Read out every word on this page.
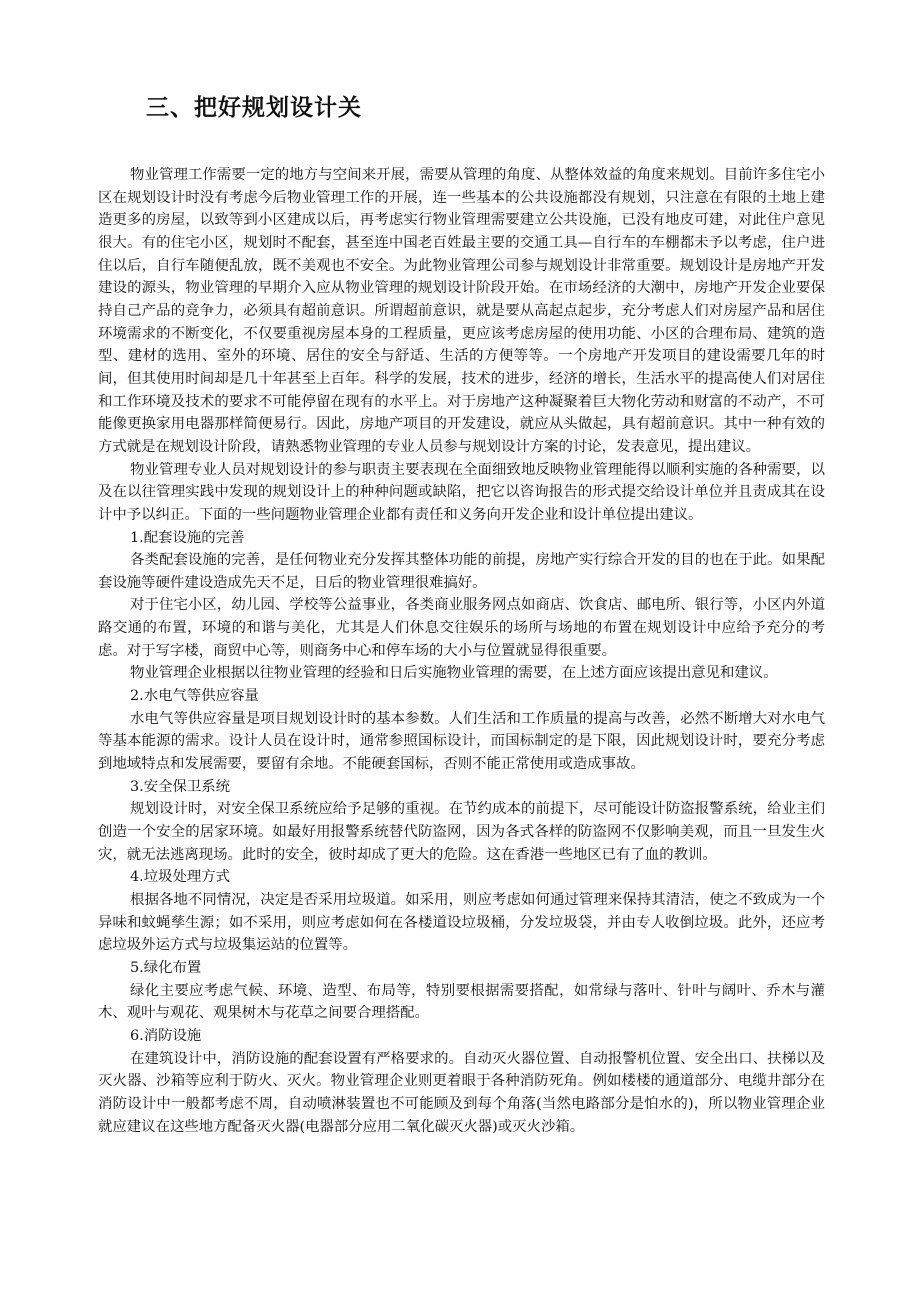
三、把好规划设计关

物业管理工作需要一定的地方与空间来开展，需要从管理的角度、从整体效益的角度来规划。目前许多住宅小区在规划设计时没有考虑今后物业管理工作的开展，连一些基本的公共设施都没有规划，只注意在有限的土地上建造更多的房屋，以致等到小区建成以后，再考虑实行物业管理需要建立公共设施，已没有地皮可建，对此住户意见很大。有的住宅小区，规划时不配套，甚至连中国老百姓最主要的交通工具—自行车的车棚都未予以考虑，住户进住以后，自行车随便乱放，既不美观也不安全。为此物业管理公司参与规划设计非常重要。规划设计是房地产开发建设的源头，物业管理的早期介入应从物业管理的规划设计阶段开始。在市场经济的大潮中，房地产开发企业要保持自己产品的竞争力，必须具有超前意识。所谓超前意识，就是要从高起点起步，充分考虑人们对房屋产品和居住环境需求的不断变化，不仅要重视房屋本身的工程质量，更应该考虑房屋的使用功能、小区的合理布局、建筑的造型、建材的选用、室外的环境、居住的安全与舒适、生活的方便等等。一个房地产开发项目的建设需要几年的时间，但其使用时间却是几十年甚至上百年。科学的发展，技术的进步，经济的增长，生活水平的提高使人们对居住和工作环境及技术的要求不可能停留在现有的水平上。对于房地产这种凝聚着巨大物化劳动和财富的不动产，不可能像更换家用电器那样简便易行。因此，房地产项目的开发建设，就应从头做起，具有超前意识。其中一种有效的方式就是在规划设计阶段，请熟悉物业管理的专业人员参与规划设计方案的讨论，发表意见，提出建议。

物业管理专业人员对规划设计的参与职责主要表现在全面细致地反映物业管理能得以顺利实施的各种需要，以及在以往管理实践中发现的规划设计上的种种问题或缺陷，把它以咨询报告的形式提交给设计单位并且责成其在设计中予以纠正。下面的一些问题物业管理企业都有责任和义务向开发企业和设计单位提出建议。

1.配套设施的完善

各类配套设施的完善，是任何物业充分发挥其整体功能的前提，房地产实行综合开发的目的也在于此。如果配套设施等硬件建设造成先天不足，日后的物业管理很难搞好。

对于住宅小区，幼儿园、学校等公益事业，各类商业服务网点如商店、饮食店、邮电所、银行等，小区内外道路交通的布置，环境的和谐与美化，尤其是人们休息交往娱乐的场所与场地的布置在规划设计中应给予充分的考虑。对于写字楼，商贸中心等，则商务中心和停车场的大小与位置就显得很重要。

物业管理企业根据以往物业管理的经验和日后实施物业管理的需要，在上述方面应该提出意见和建议。

2.水电气等供应容量

水电气等供应容量是项目规划设计时的基本参数。人们生活和工作质量的提高与改善，必然不断增大对水电气等基本能源的需求。设计人员在设计时，通常参照国标设计，而国标制定的是下限，因此规划设计时，要充分考虑到地域特点和发展需要，要留有余地。不能硬套国标，否则不能正常使用或造成事故。

3.安全保卫系统

规划设计时，对安全保卫系统应给予足够的重视。在节约成本的前提下，尽可能设计防盗报警系统，给业主们创造一个安全的居家环境。如最好用报警系统替代防盗网，因为各式各样的防盗网不仅影响美观，而且一旦发生火灾，就无法逃离现场。此时的安全，彼时却成了更大的危险。这在香港一些地区已有了血的教训。

4.垃圾处理方式

根据各地不同情况，决定是否采用垃圾道。如采用，则应考虑如何通过管理来保持其清洁，使之不致成为一个异味和蚊蝇孳生源；如不采用，则应考虑如何在各楼道设垃圾桶，分发垃圾袋，并由专人收倒垃圾。此外，还应考虑垃圾外运方式与垃圾集运站的位置等。

5.绿化布置

绿化主要应考虑气候、环境、造型、布局等，特别要根据需要搭配，如常绿与落叶、针叶与阔叶、乔木与灌木、观叶与观花、观果树木与花草之间要合理搭配。

6.消防设施

在建筑设计中，消防设施的配套设置有严格要求的。自动灭火器位置、自动报警机位置、安全出口、扶梯以及灭火器、沙箱等应利于防火、灭火。物业管理企业则更着眼于各种消防死角。例如楼楼的通道部分、电缆井部分在消防设计中一般都考虑不周，自动喷淋装置也不可能顾及到每个角落(当然电路部分是怕水的)，所以物业管理企业就应建议在这些地方配备灭火器(电器部分应用二氧化碳灭火器)或灭火沙箱。
